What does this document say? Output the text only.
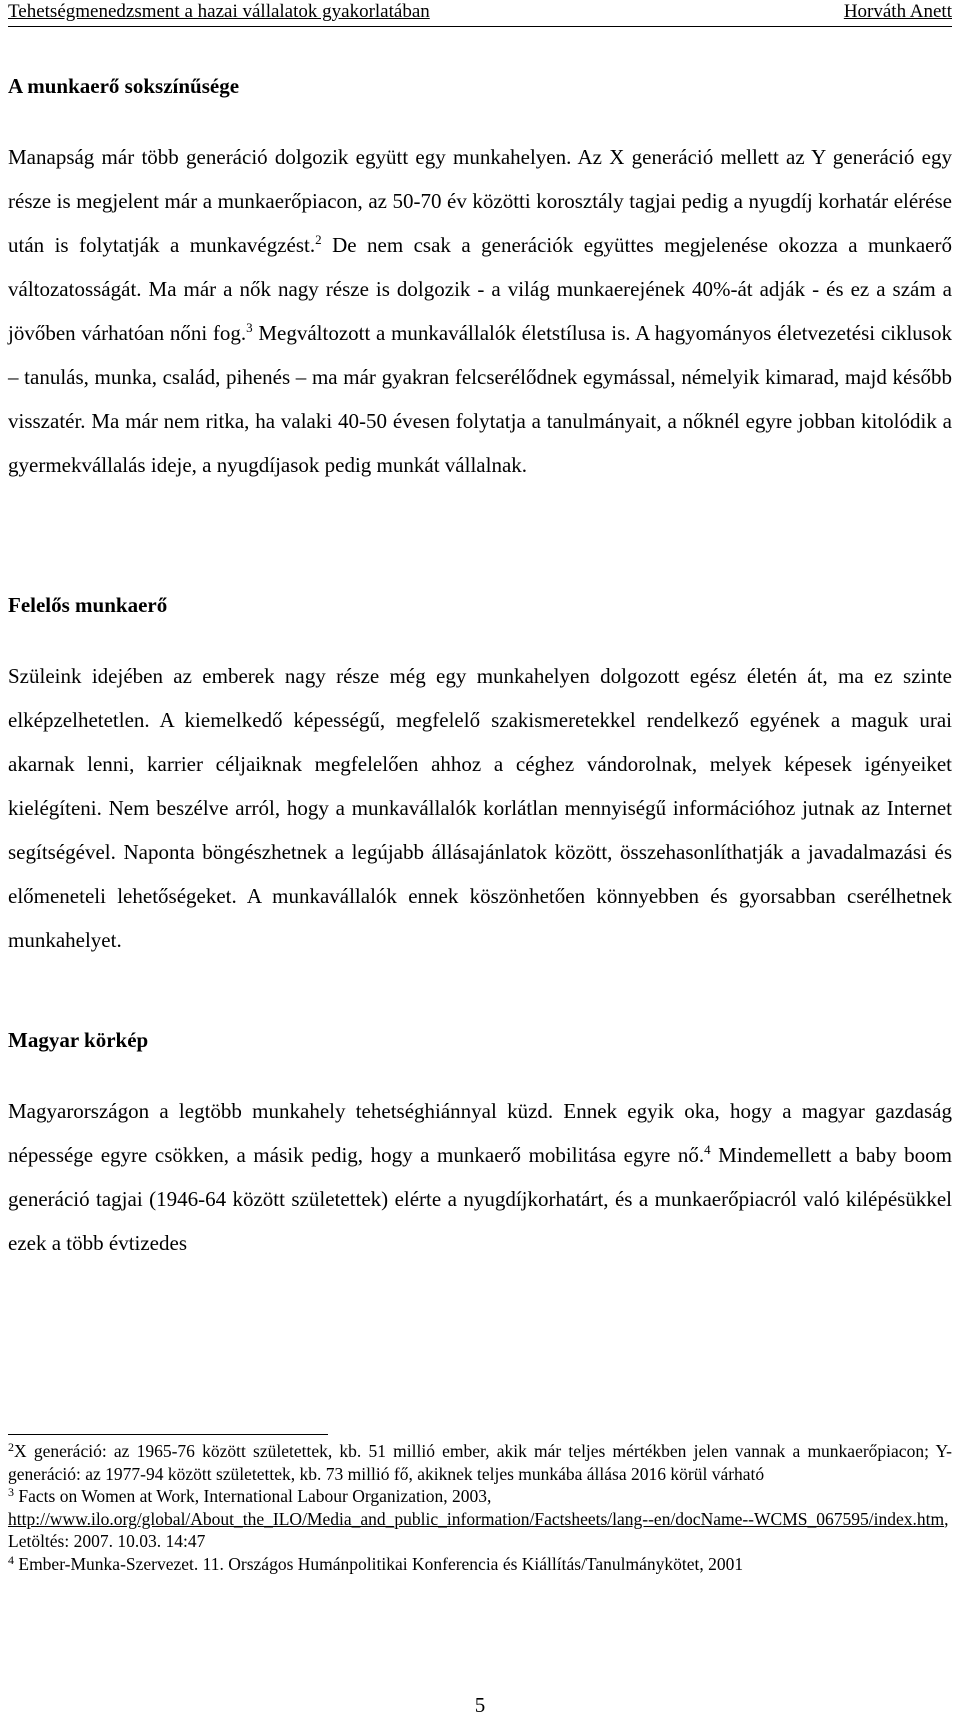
Tehetségmenedzsment a hazai vállalatok gyakorlatában	Horváth Anett
A munkaerő sokszínűsége

Manapság már több generáció dolgozik együtt egy munkahelyen. Az X generáció mellett az Y generáció egy része is megjelent már a munkaerőpiacon, az 50-70 év közötti korosztály tagjai pedig a nyugdíj korhatár elérése után is folytatják a munkavégzést.$^2$ De nem csak a generációk együttes megjelenése okozza a munkaerő változatosságát. Ma már a nők nagy része is dolgozik - a világ munkaerejének 40%-át adják - és ez a szám a jövőben várhatóan nőni fog.$^3$ Megváltozott a munkavállalók életstílusa is. A hagyományos életvezetési ciklusok – tanulás, munka, család, pihenés – ma már gyakran felcserélődnek egymással, némelyik kimarad, majd később visszatér. Ma már nem ritka, ha valaki 40-50 évesen folytatja a tanulmányait, a nőknél egyre jobban kitolódik a gyermekvállalás ideje, a nyugdíjasok pedig munkát vállalnak.

Felelős munkaerő

Szüleink idejében az emberek nagy része még egy munkahelyen dolgozott egész életén át, ma ez szinte elképzelhetetlen. A kiemelkedő képességű, megfelelő szakismeretekkel rendelkező egyének a maguk urai akarnak lenni, karrier céljaiknak megfelelően ahhoz a céghez vándorolnak, melyek képesek igényeiket kielégíteni. Nem beszélve arról, hogy a munkavállalók korlátlan mennyiségű információhoz jutnak az Internet segítségével. Naponta böngészhetnek a legújabb állásajánlatok között, összehasonlíthatják a javadalmazási és előmeneteli lehetőségeket. A munkavállalók ennek köszönhetően könnyebben és gyorsabban cserélhetnek munkahelyet.

Magyar körkép

Magyarországon a legtöbb munkahely tehetséghiánnyal küzd. Ennek egyik oka, hogy a magyar gazdaság népessége egyre csökken, a másik pedig, hogy a munkaerő mobilitása egyre nő.$^4$ Mindemellett a baby boom generáció tagjai (1946-64 között születettek) elérte a nyugdíjkorhatárt, és a munkaerőpiacról való kilépésükkel ezek a több évtizedes

$^2$X generáció: az 1965-76 között születettek, kb. 51 millió ember, akik már teljes mértékben jelen vannak a munkaerőpiacon; Y-generáció: az 1977-94 között születettek, kb. 73 millió fő, akiknek teljes munkába állása 2016 körül várható

$^3$ Facts on Women at Work, International Labour Organization, 2003,
http://www.ilo.org/global/About_the_ILO/Media_and_public_information/Factsheets/lang--en/docName--WCMS_067595/index.htm, Letöltés: 2007. 10.03. 14:47

$^4$ Ember-Munka-Szervezet. 11. Országos Humánpolitikai Konferencia és Kiállítás/Tanulmánykötet, 2001

5
